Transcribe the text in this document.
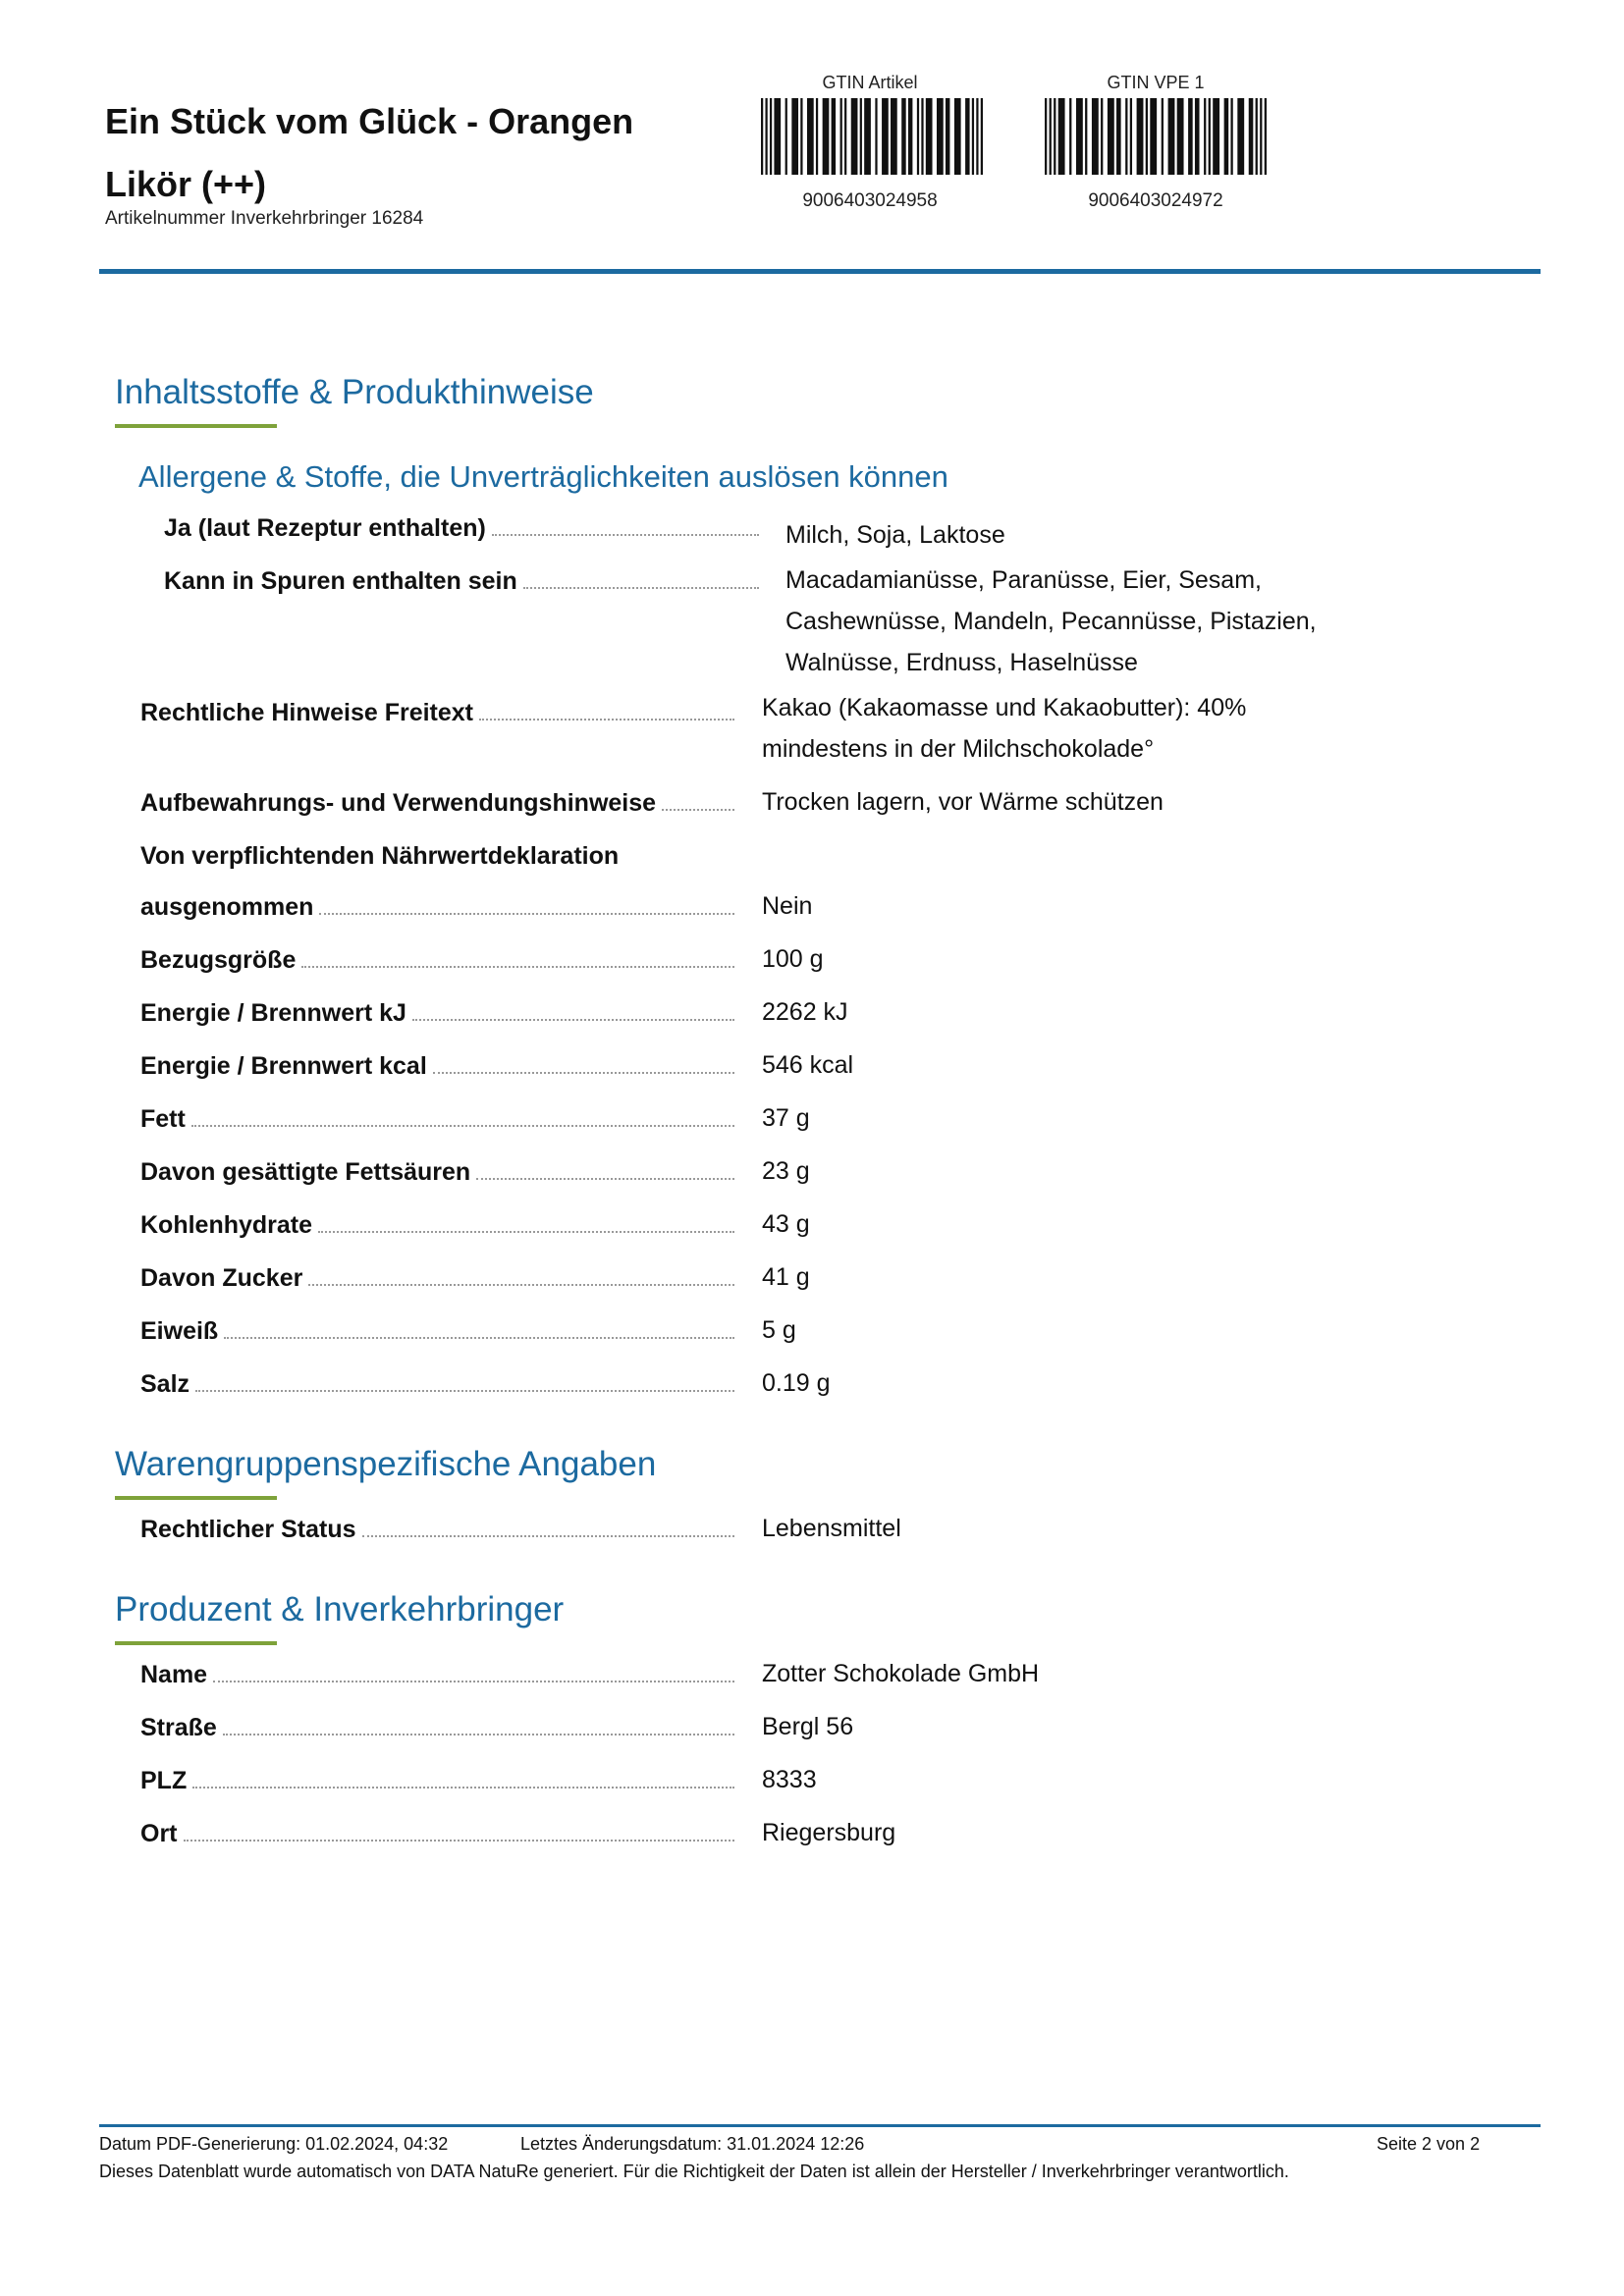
Ein Stück vom Glück - Orangen Likör (++)
Artikelnummer Inverkehrbringer 16284
GTIN Artikel
9006403024958
GTIN VPE 1
9006403024972
Inhaltsstoffe & Produkthinweise
Allergene & Stoffe, die Unverträglichkeiten auslösen können
Ja (laut Rezeptur enthalten)	Milch, Soja, Laktose
Kann in Spuren enthalten sein	Macadamianüsse, Paranüsse, Eier, Sesam,
Cashewnüsse, Mandeln, Pecannüsse, Pistazien,
Walnüsse, Erdnuss, Haselnüsse
Rechtliche Hinweise Freitext	Kakao (Kakaomasse und Kakaobutter): 40%
mindestens in der Milchschokolade°
Aufbewahrungs- und Verwendungshinweise	Trocken lagern, vor Wärme schützen
Von verpflichtenden Nährwertdeklaration
ausgenommen	Nein
Bezugsgröße	100 g
Energie / Brennwert kJ	2262 kJ
Energie / Brennwert kcal	546 kcal
Fett	37 g
Davon gesättigte Fettsäuren	23 g
Kohlenhydrate	43 g
Davon Zucker	41 g
Eiweiß	5 g
Salz	0.19 g
Warengruppenspezifische Angaben
Rechtlicher Status	Lebensmittel
Produzent & Inverkehrbringer
Name	Zotter Schokolade GmbH
Straße	Bergl 56
PLZ	8333
Ort	Riegersburg
Datum PDF-Generierung: 01.02.2024, 04:32	Letztes Änderungsdatum: 31.01.2024 12:26	Seite 2 von 2
Dieses Datenblatt wurde automatisch von DATA NatuRe generiert. Für die Richtigkeit der Daten ist allein der Hersteller / Inverkehrbringer verantwortlich.
